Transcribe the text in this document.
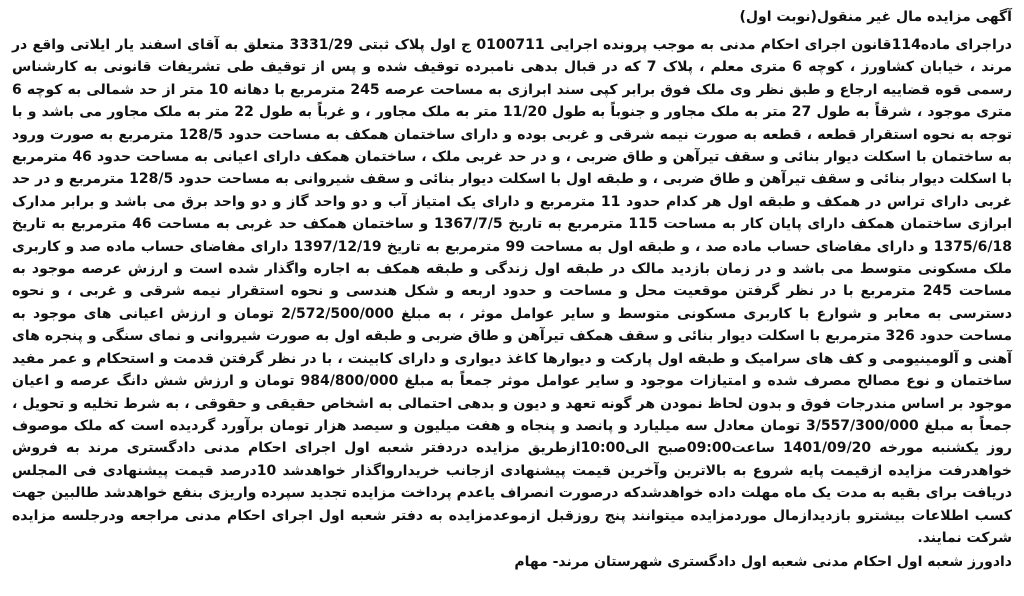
آگهی مزایده مال غیر منقول(نوبت اول)

دراجرای ماده114قانون اجرای احکام مدنی به موجب پرونده اجرایی 0100711 ج اول پلاک ثبتی 3331/29 متعلق به آقای اسفند یار ایلاتی واقع در مرند ، خیابان کشاورز ، کوچه 6 متری معلم ، پلاک 7 که در قبال بدهی نامبرده توقیف شده و پس از توقیف طی تشریفات قانونی به کارشناس رسمی قوه قضاییه ارجاع و طبق نظر وی ملک فوق برابر کپی سند ابرازی به مساحت عرصه 245 مترمربع با دهانه 10 متر از حد شمالی به کوچه 6 متری موجود ، شرقاً به طول 27 متر به ملک مجاور و جنوباً به طول 11/20 متر به ملک مجاور ، و غرباً به طول 22 متر به ملک مجاور می باشد و با توجه به نحوه استقرار قطعه ، قطعه به صورت نیمه شرقی و غربی بوده و دارای ساختمان همکف به مساحت حدود 128/5 مترمربع به صورت ورود به ساختمان با اسکلت دیوار بنائی و سقف تیرآهن و طاق ضربی ، و در حد غربی ملک ، ساختمان همکف دارای اعیانی به مساحت حدود 46 مترمربع با اسکلت دیوار بنائی و سقف تیرآهن و طاق ضربی ، و طبقه اول با اسکلت دیوار بنائی و سقف شیروانی به مساحت حدود 128/5 مترمربع و در حد غربی دارای تراس در همکف و طبقه اول هر کدام حدود 11 مترمربع و دارای یک امتیاز آب و دو واحد گاز و دو واحد برق می باشد و برابر مدارک ابرازی ساختمان همکف دارای پایان کار به مساحت 115 مترمربع به تاریخ 1367/7/5 و ساختمان همکف حد غربی به مساحت 46 مترمربع به تاریخ 1375/6/18 و دارای مفاضای حساب ماده صد ، و طبقه اول به مساحت 99 مترمربع به تاریخ 1397/12/19 دارای مفاضای حساب ماده صد و کاربری ملک مسکونی متوسط می باشد و در زمان بازدید مالک در طبقه اول زندگی و طبقه همکف به اجاره واگذار شده است و ارزش عرصه موجود به مساحت 245 مترمربع با در نظر گرفتن موقعیت محل و مساحت و حدود اربعه و شکل هندسی و نحوه استقرار نیمه شرقی و غربی ، و نحوه دسترسی به معابر و شوارع با کاربری مسکونی متوسط و سایر عوامل موثر ، به مبلغ 2/572/500/000 تومان و ارزش اعیانی های موجود به مساحت حدود 326 مترمربع با اسکلت دیوار بنائی و سقف همکف تیرآهن و طاق ضربی و طبقه اول به صورت شیروانی و نمای سنگی و پنجره های آهنی و آلومینیومی و کف های سرامیک و طبقه اول پارکت و دیوارها کاغذ دیواری و دارای کابینت ، با در نظر گرفتن قدمت و استحکام و عمر مفید ساختمان و نوع مصالح مصرف شده و امتیازات موجود و سایر عوامل موثر جمعاً به مبلغ 984/800/000 تومان و ارزش شش دانگ عرصه و اعیان موجود بر اساس مندرجات فوق و بدون لحاظ نمودن هر گونه تعهد و دیون و بدهی احتمالی به اشخاص حقیقی و حقوقی ، به شرط تخلیه و تحویل ، جمعاً به مبلغ 3/557/300/000 تومان معادل سه میلیارد و پانصد و پنجاه و هفت میلیون و سیصد هزار تومان برآورد گردیده است که ملک موصوف روز یکشنبه مورخه 1401/09/20 ساعت09:00صبح الی10:00ازطریق مزایده دردفتر شعبه اول اجرای احکام مدنی دادگستری مرند به فروش خواهدرفت مزایده ازقیمت پایه شروع به بالاترین وآخرین قیمت پیشنهادی ازجانب خریدارواگذار خواهدشد 10درصد قیمت پیشنهادی فی المجلس دریافت برای بقیه به مدت یک ماه مهلت داده خواهدشدکه درصورت انصراف یاعدم پرداخت مزایده تجدید سپرده واریزی بنفع خواهدشد طالبین جهت کسب اطلاعات بیشترو بازدیدازمال موردمزایده میتوانند پنج روزقبل ازموعدمزایده به دفتر شعبه اول اجرای احکام مدنی مراجعه ودرجلسه مزایده شرکت نمایند.

دادورز شعبه اول احکام مدنی شعبه اول دادگستری شهرستان مرند- مهام
